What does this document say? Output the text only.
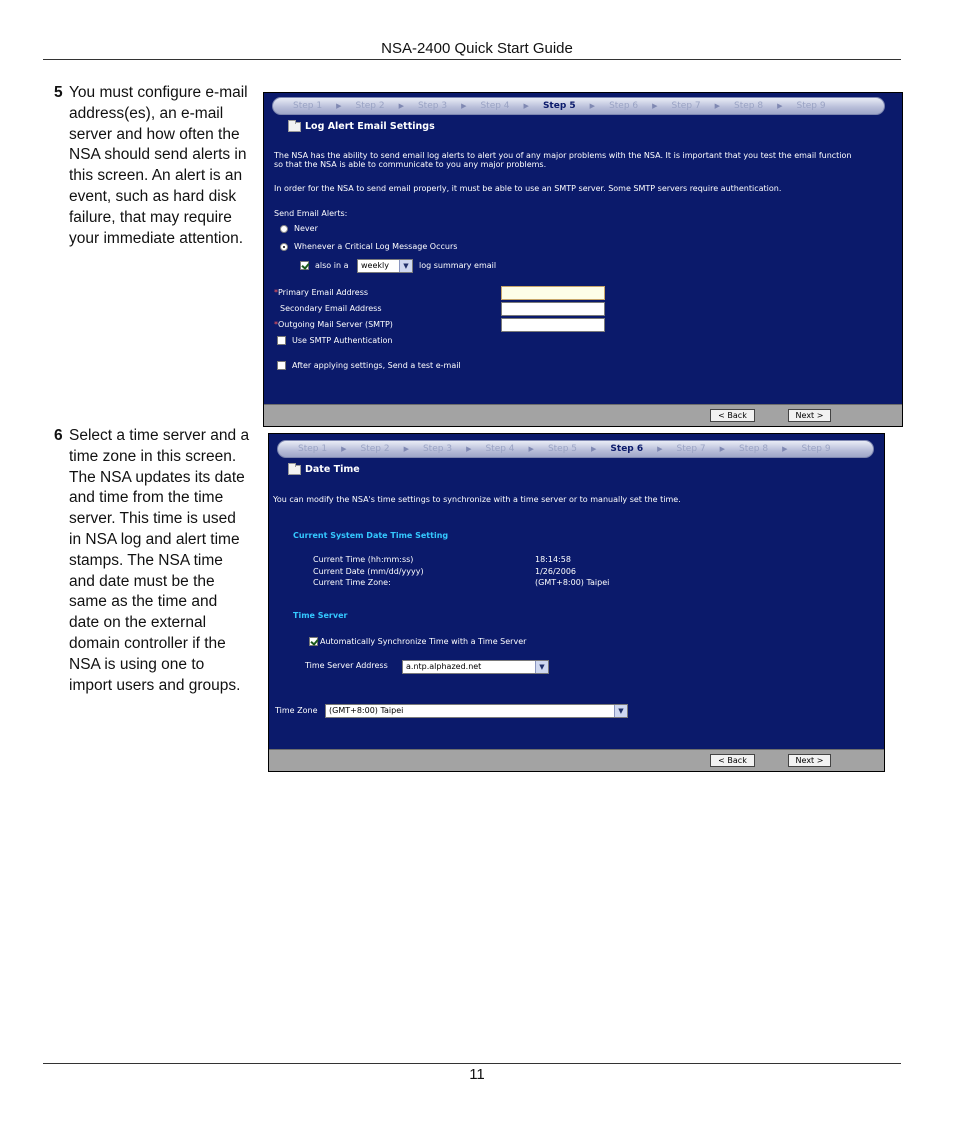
NSA-2400 Quick Start Guide
5 You must configure e-mail address(es), an e-mail server and how often the NSA should send alerts in this screen. An alert is an event, such as hard disk failure, that may require your immediate attention.
Step 1 ▶ Step 2 ▶ Step 3 ▶ Step 4 ▶ Step 5 ▶ Step 6 ▶ Step 7 ▶ Step 8 ▶ Step 9
Log Alert Email Settings
The NSA has the ability to send email log alerts to alert you of any major problems with the NSA. It is important that you test the email function
so that the NSA is able to communicate to you any major problems.
In order for the NSA to send email properly, it must be able to use an SMTP server. Some SMTP servers require authentication.
Send Email Alerts:
Never
Whenever a Critical Log Message Occurs
also in a	weekly	▼	log summary email
*Primary Email Address
Secondary Email Address
*Outgoing Mail Server (SMTP)
Use SMTP Authentication
After applying settings, Send a test e-mail
< Back	Next >
6 Select a time server and a time zone in this screen. The NSA updates its date and time from the time server. This time is used in NSA log and alert time stamps. The NSA time and date must be the same as the time and date on the external domain controller if the NSA is using one to import users and groups.
Step 1 ▶ Step 2 ▶ Step 3 ▶ Step 4 ▶ Step 5 ▶ Step 6 ▶ Step 7 ▶ Step 8 ▶ Step 9
Date Time
You can modify the NSA's time settings to synchronize with a time server or to manually set the time.
Current System Date Time Setting
Current Time (hh:mm:ss)	18:14:58
Current Date (mm/dd/yyyy)	1/26/2006
Current Time Zone:	(GMT+8:00) Taipei
Time Server
Automatically Synchronize Time with a Time Server
Time Server Address	a.ntp.alphazed.net	▼
Time Zone	(GMT+8:00) Taipei	▼
< Back	Next >
11
